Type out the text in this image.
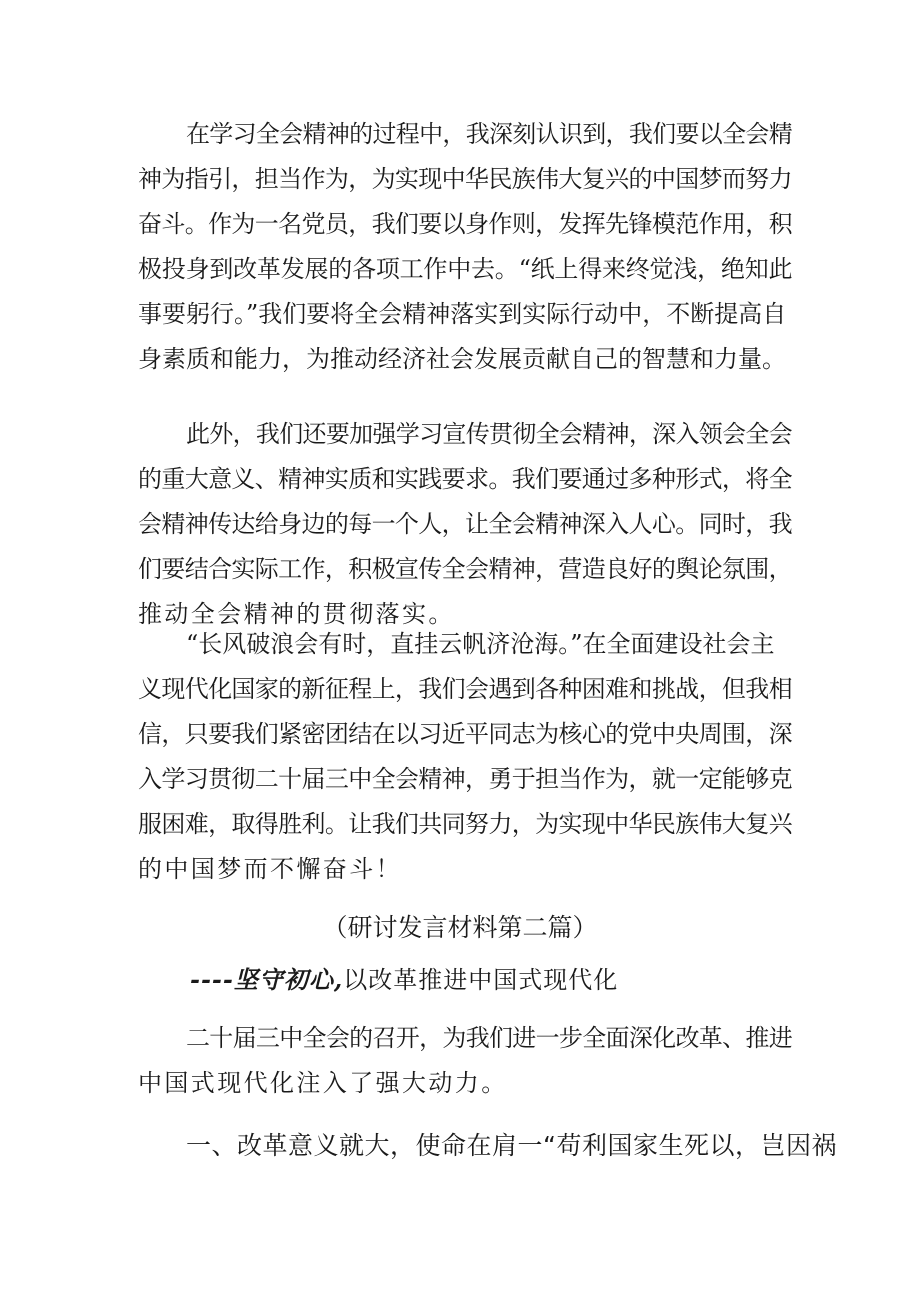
在学习全会精神的过程中，我深刻认识到，我们要以全会精
神为指引，担当作为，为实现中华民族伟大复兴的中国梦而努力
奋斗。作为一名党员，我们要以身作则，发挥先锋模范作用，积
极投身到改革发展的各项工作中去。“纸上得来终觉浅，绝知此
事要躬行。”我们要将全会精神落实到实际行动中，不断提高自
身素质和能力，为推动经济社会发展贡献自己的智慧和力量。
此外，我们还要加强学习宣传贯彻全会精神，深入领会全会
的重大意义、精神实质和实践要求。我们要通过多种形式，将全
会精神传达给身边的每一个人，让全会精神深入人心。同时，我
们要结合实际工作，积极宣传全会精神，营造良好的舆论氛围，
推动全会精神的贯彻落实。
“长风破浪会有时，直挂云帆济沧海。”在全面建设社会主
义现代化国家的新征程上，我们会遇到各种困难和挑战，但我相
信，只要我们紧密团结在以习近平同志为核心的党中央周围，深
入学习贯彻二十届三中全会精神，勇于担当作为，就一定能够克
服困难，取得胜利。让我们共同努力，为实现中华民族伟大复兴
的中国梦而不懈奋斗！
（研讨发言材料第二篇）
----坚守初心,以改革推进中国式现代化
二十届三中全会的召开，为我们进一步全面深化改革、推进
中国式现代化注入了强大动力。
一、改革意义就大，使命在肩一“苟利国家生死以，岂因祸
